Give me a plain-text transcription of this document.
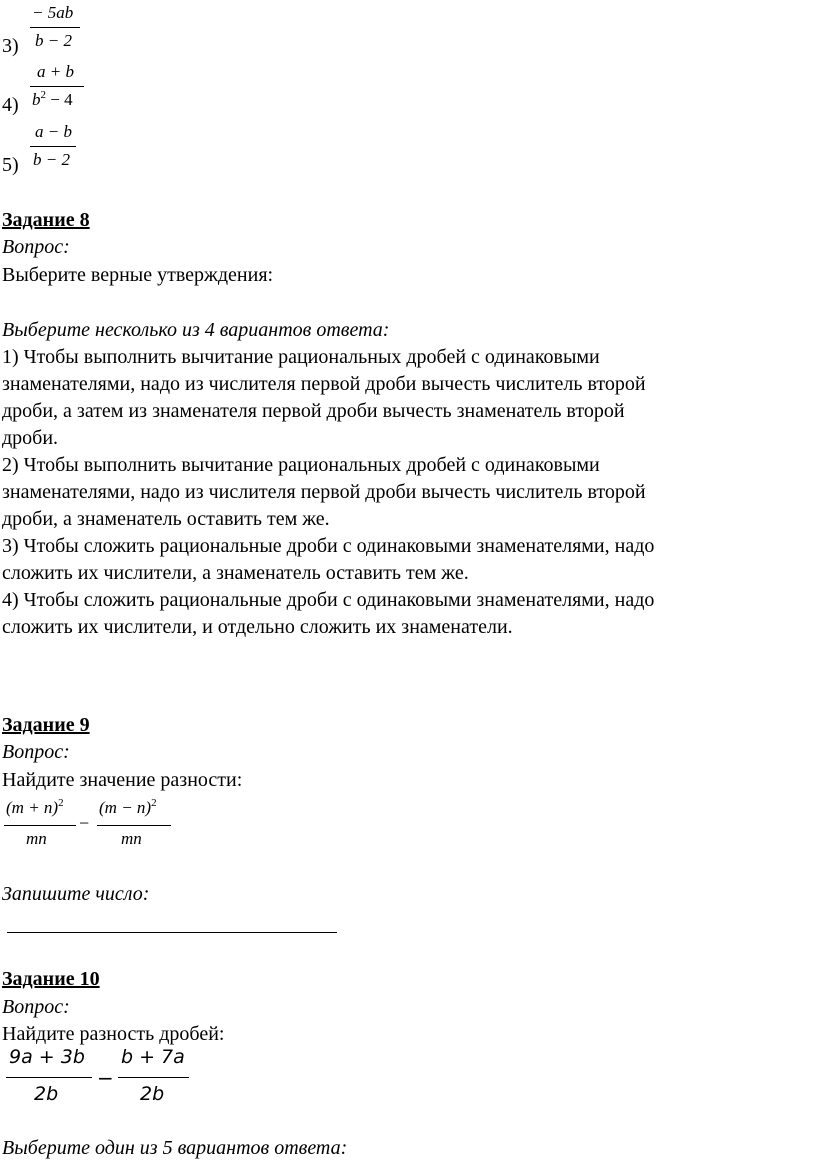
3)
− 5ab
b − 2
4)
a + b
$b^2 - 4$
5)
a − b
b − 2
Задание 8
Вопрос:
Выберите верные утверждения:
Выберите несколько из 4 вариантов ответа:
1) Чтобы выполнить вычитание рациональных дробей с одинаковыми
знаменателями, надо из числителя первой дроби вычесть числитель второй
дроби, а затем из знаменателя первой дроби вычесть знаменатель второй
дроби.
2) Чтобы выполнить вычитание рациональных дробей с одинаковыми
знаменателями, надо из числителя первой дроби вычесть числитель второй
дроби, а знаменатель оставить тем же.
3) Чтобы сложить рациональные дроби с одинаковыми знаменателями, надо
сложить их числители, а знаменатель оставить тем же.
4) Чтобы сложить рациональные дроби с одинаковыми знаменателями, надо
сложить их числители, и отдельно сложить их знаменатели.
Задание 9
Вопрос:
Найдите значение разности:
$(m + n)^2$
mn
−
$(m - n)^2$
mn
Запишите число:
Задание 10
Вопрос:
Найдите разность дробей:
9a + 3b
2b
−
b + 7a
2b
Выберите один из 5 вариантов ответа:
